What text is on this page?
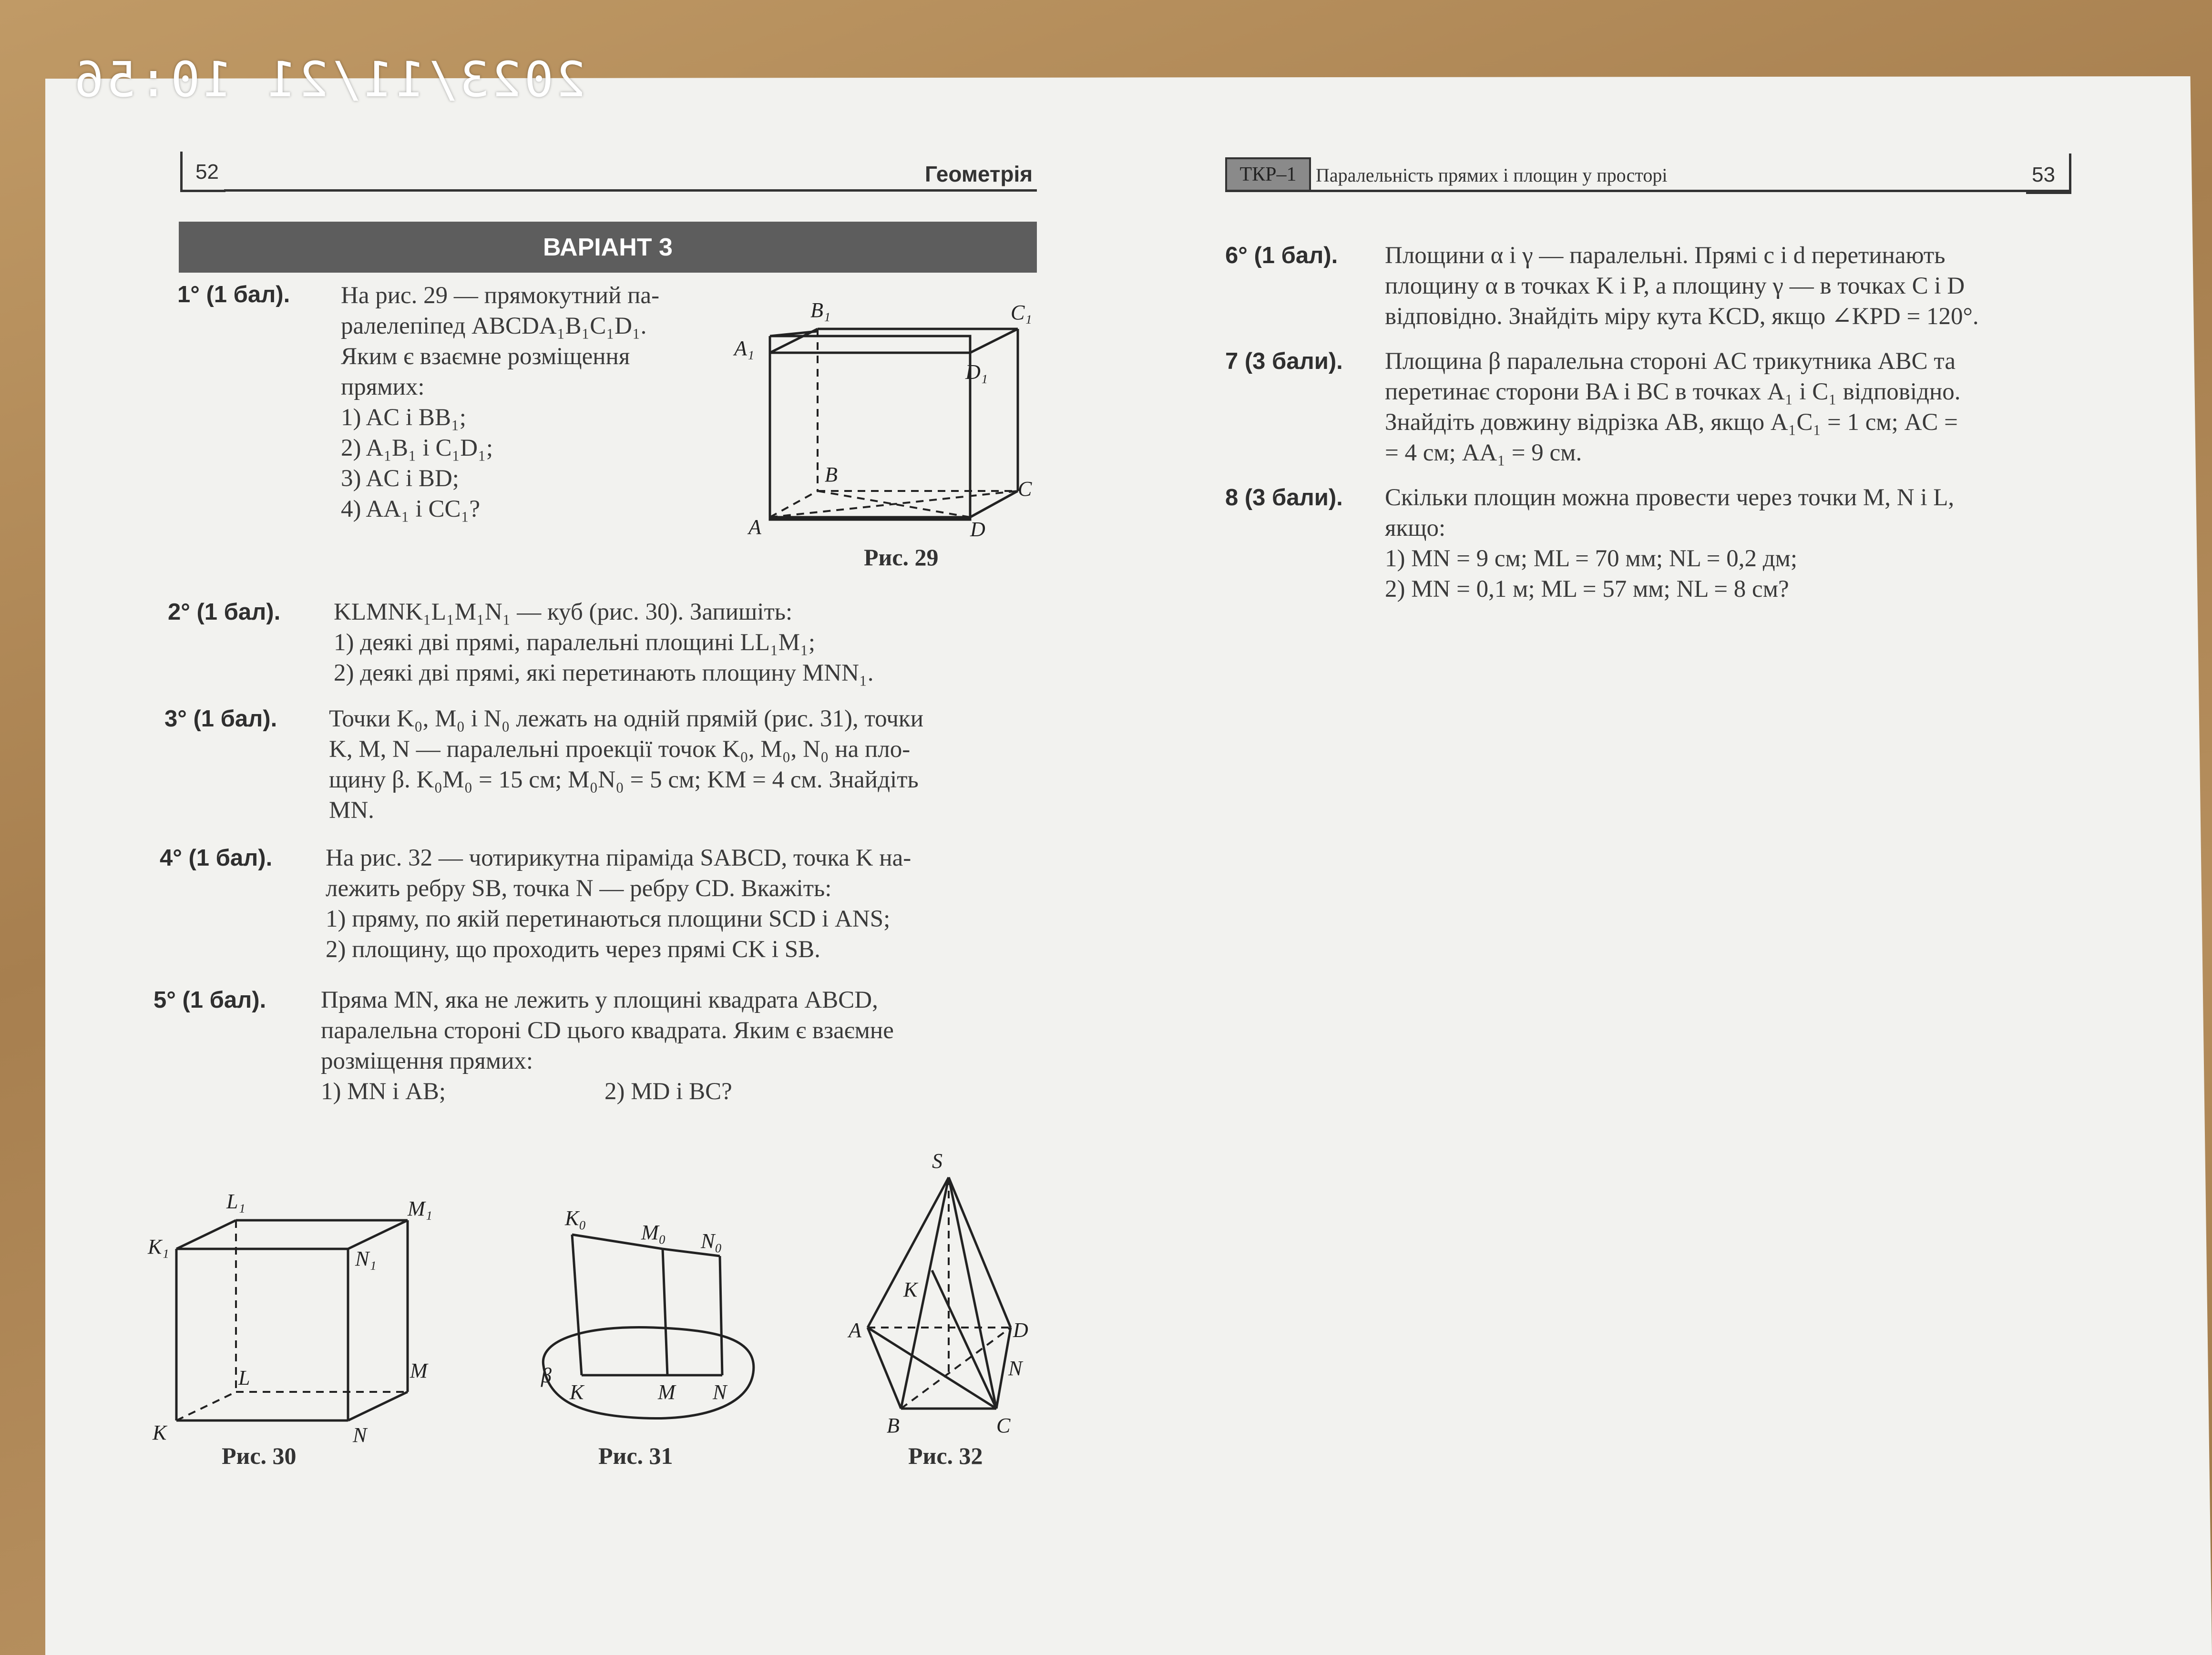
2023/11/21 10:56
52	Геометрія
ВАРІАНТ 3
1° (1 бал). На рис. 29 — прямокутний па-
ралелепіпед ABCDA₁B₁C₁D₁.
Яким є взаємне розміщення
прямих:
1) AC і BB₁;
2) A₁B₁ і C₁D₁;
3) AC і BD;
4) AA₁ і CC₁?
B₁	C₁
A₁
D₁
B
C
A	D
Рис. 29
2° (1 бал). KLMNK₁L₁M₁N₁ — куб (рис. 30). Запишіть:
1) деякі дві прямі, паралельні площині LL₁M₁;
2) деякі дві прямі, які перетинають площину MNN₁.
3° (1 бал). Точки K₀, M₀ і N₀ лежать на одній прямій (рис. 31), точки
K, M, N — паралельні проекції точок K₀, M₀, N₀ на пло-
щину β. K₀M₀ = 15 см; M₀N₀ = 5 см; KM = 4 см. Знайдіть
MN.
4° (1 бал). На рис. 32 — чотирикутна піраміда SABCD, точка K на-
лежить ребру SB, точка N — ребру CD. Вкажіть:
1) пряму, по якій перетинаються площини SCD і ANS;
2) площину, що проходить через прямі CK і SB.
5° (1 бал). Пряма MN, яка не лежить у площині квадрата ABCD,
паралельна стороні CD цього квадрата. Яким є взаємне
розміщення прямих:
1) MN і AB;	2) MD і BC?
L₁	M₁
K₁
N₁
L	M
K	N
Рис. 30
K₀
M₀ N₀
β
K	M N
Рис. 31
S
K
A	D
N
B	C
Рис. 32
ТКР–1 Паралельність прямих і площин у просторі	53
6° (1 бал). Площини α і γ — паралельні. Прямі c і d перетинають
площину α в точках K і P, а площину γ — в точках C і D
відповідно. Знайдіть міру кута KCD, якщо ∠KPD = 120°.
7 (3 бали). Площина β паралельна стороні AC трикутника ABC та
перетинає сторони BA і BC в точках A₁ і C₁ відповідно.
Знайдіть довжину відрізка AB, якщо A₁C₁ = 1 см; AC =
= 4 см; AA₁ = 9 см.
8 (3 бали). Скільки площин можна провести через точки M, N і L,
якщо:
1) MN = 9 см; ML = 70 мм; NL = 0,2 дм;
2) MN = 0,1 м; ML = 57 мм; NL = 8 см?
